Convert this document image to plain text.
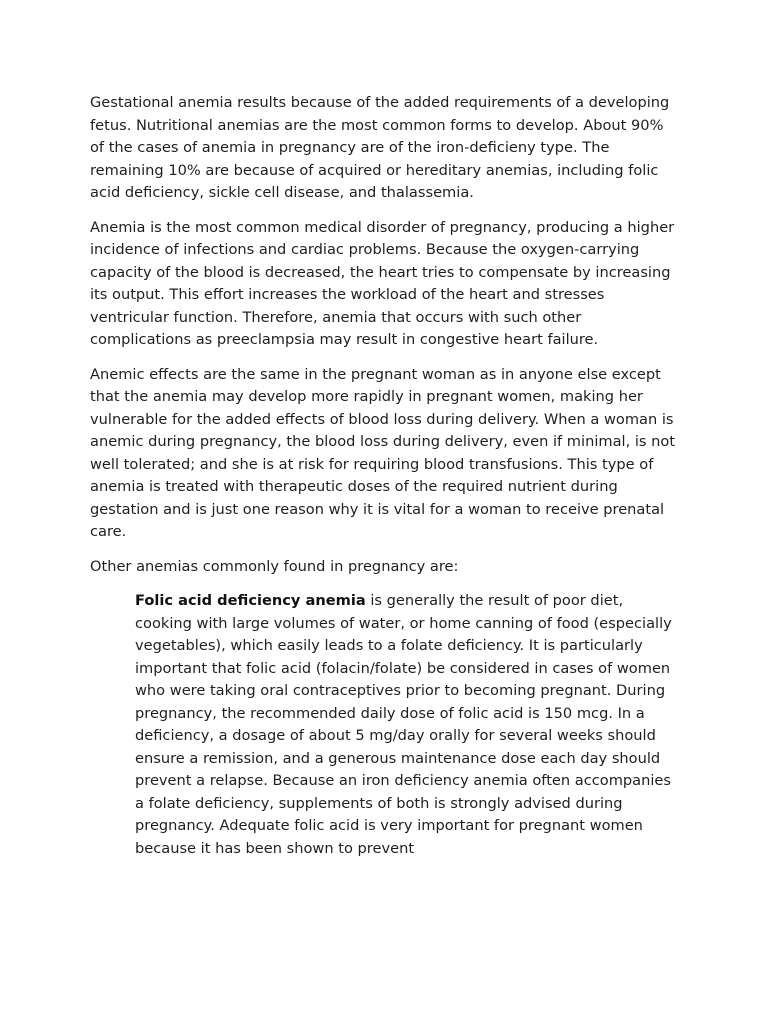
Gestational anemia results because of the added requirements of a developing fetus. Nutritional anemias are the most common forms to develop. About 90% of the cases of anemia in pregnancy are of the iron-deficieny type. The remaining 10% are because of acquired or hereditary anemias, including folic acid deficiency, sickle cell disease, and thalassemia.

Anemia is the most common medical disorder of pregnancy, producing a higher incidence of infections and cardiac problems. Because the oxygen-carrying capacity of the blood is decreased, the heart tries to compensate by increasing its output. This effort increases the workload of the heart and stresses ventricular function. Therefore, anemia that occurs with such other complications as preeclampsia may result in congestive heart failure.

Anemic effects are the same in the pregnant woman as in anyone else except that the anemia may develop more rapidly in pregnant women, making her vulnerable for the added effects of blood loss during delivery. When a woman is anemic during pregnancy, the blood loss during delivery, even if minimal, is not well tolerated; and she is at risk for requiring blood transfusions. This type of anemia is treated with therapeutic doses of the required nutrient during gestation and is just one reason why it is vital for a woman to receive prenatal care.

Other anemias commonly found in pregnancy are:

Folic acid deficiency anemia is generally the result of poor diet, cooking with large volumes of water, or home canning of food (especially vegetables), which easily leads to a folate deficiency. It is particularly important that folic acid (folacin/folate) be considered in cases of women who were taking oral contraceptives prior to becoming pregnant. During pregnancy, the recommended daily dose of folic acid is 150 mcg. In a deficiency, a dosage of about 5 mg/day orally for several weeks should ensure a remission, and a generous maintenance dose each day should prevent a relapse. Because an iron deficiency anemia often accompanies a folate deficiency, supplements of both is strongly advised during pregnancy. Adequate folic acid is very important for pregnant women because it has been shown to prevent
